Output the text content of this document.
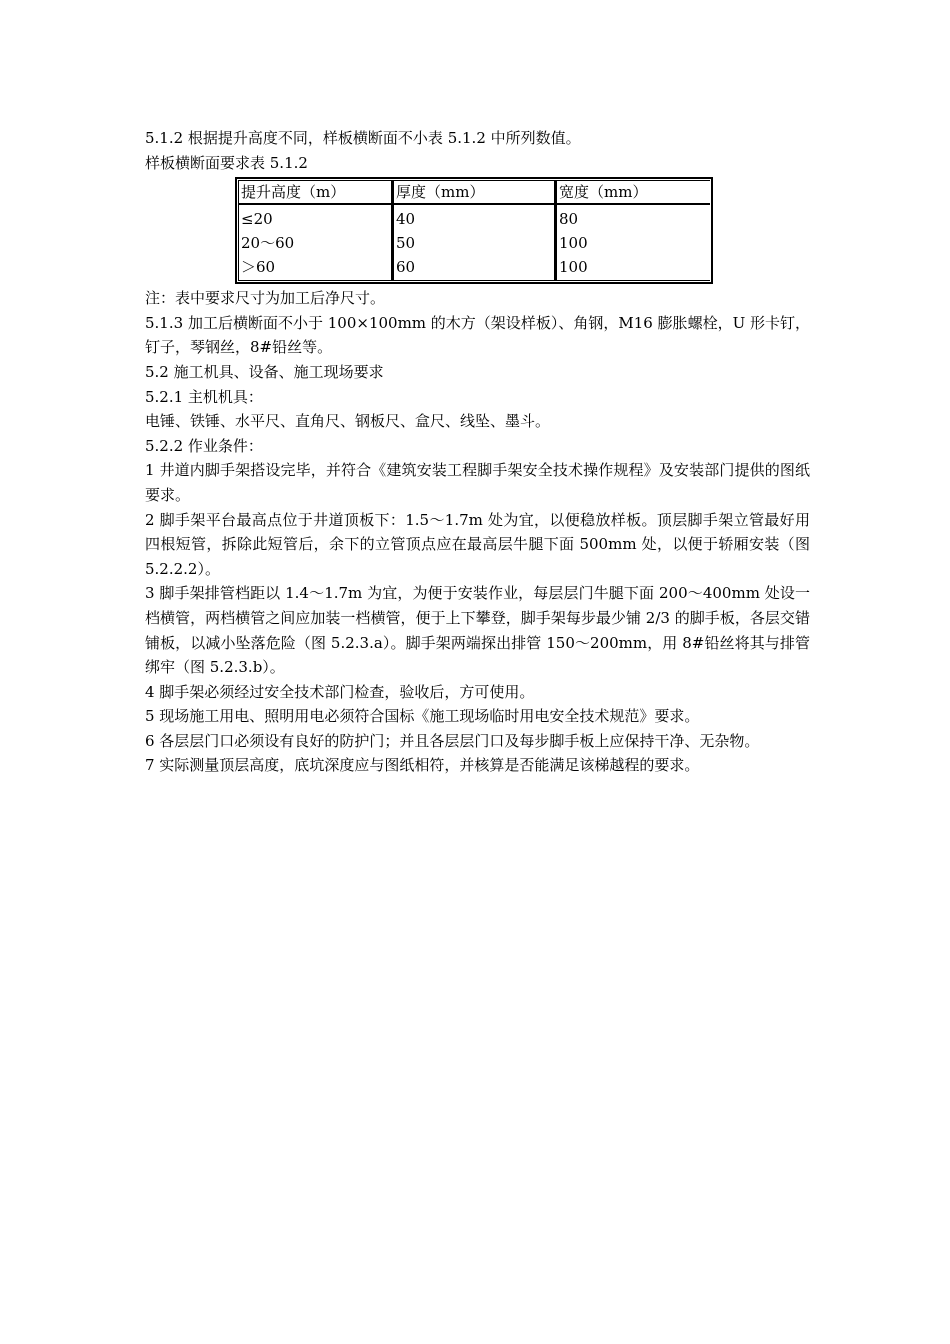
5.1.2 根据提升高度不同，样板横断面不小表 5.1.2 中所列数值。

样板横断面要求表 5.1.2

提升高度（m）	厚度（mm）	宽度（mm）
≤20	40	80
20～60	50	100
＞60	60	100

注：表中要求尺寸为加工后净尺寸。

5.1.3 加工后横断面不小于 100×100mm 的木方（架设样板）、角钢，M16 膨胀螺栓，U 形卡钉，钉子，琴钢丝，8#铅丝等。

5.2 施工机具、设备、施工现场要求

5.2.1 主机机具：

电锤、铁锤、水平尺、直角尺、钢板尺、盒尺、线坠、墨斗。

5.2.2 作业条件：

1 井道内脚手架搭设完毕，并符合《建筑安装工程脚手架安全技术操作规程》及安装部门提供的图纸要求。

2 脚手架平台最高点位于井道顶板下：1.5～1.7m 处为宜，以便稳放样板。顶层脚手架立管最好用四根短管，拆除此短管后，余下的立管顶点应在最高层牛腿下面 500mm 处，以便于轿厢安装（图 5.2.2.2）。

3 脚手架排管档距以 1.4～1.7m 为宜，为便于安装作业，每层层门牛腿下面 200～400mm 处设一档横管，两档横管之间应加装一档横管，便于上下攀登，脚手架每步最少铺 2/3 的脚手板，各层交错铺板，以减小坠落危险（图 5.2.3.a）。脚手架两端探出排管 150～200mm，用 8#铅丝将其与排管绑牢（图 5.2.3.b）。

4 脚手架必须经过安全技术部门检查，验收后，方可使用。

5 现场施工用电、照明用电必须符合国标《施工现场临时用电安全技术规范》要求。

6 各层层门口必须设有良好的防护门；并且各层层门口及每步脚手板上应保持干净、无杂物。

7 实际测量顶层高度，底坑深度应与图纸相符，并核算是否能满足该梯越程的要求。
